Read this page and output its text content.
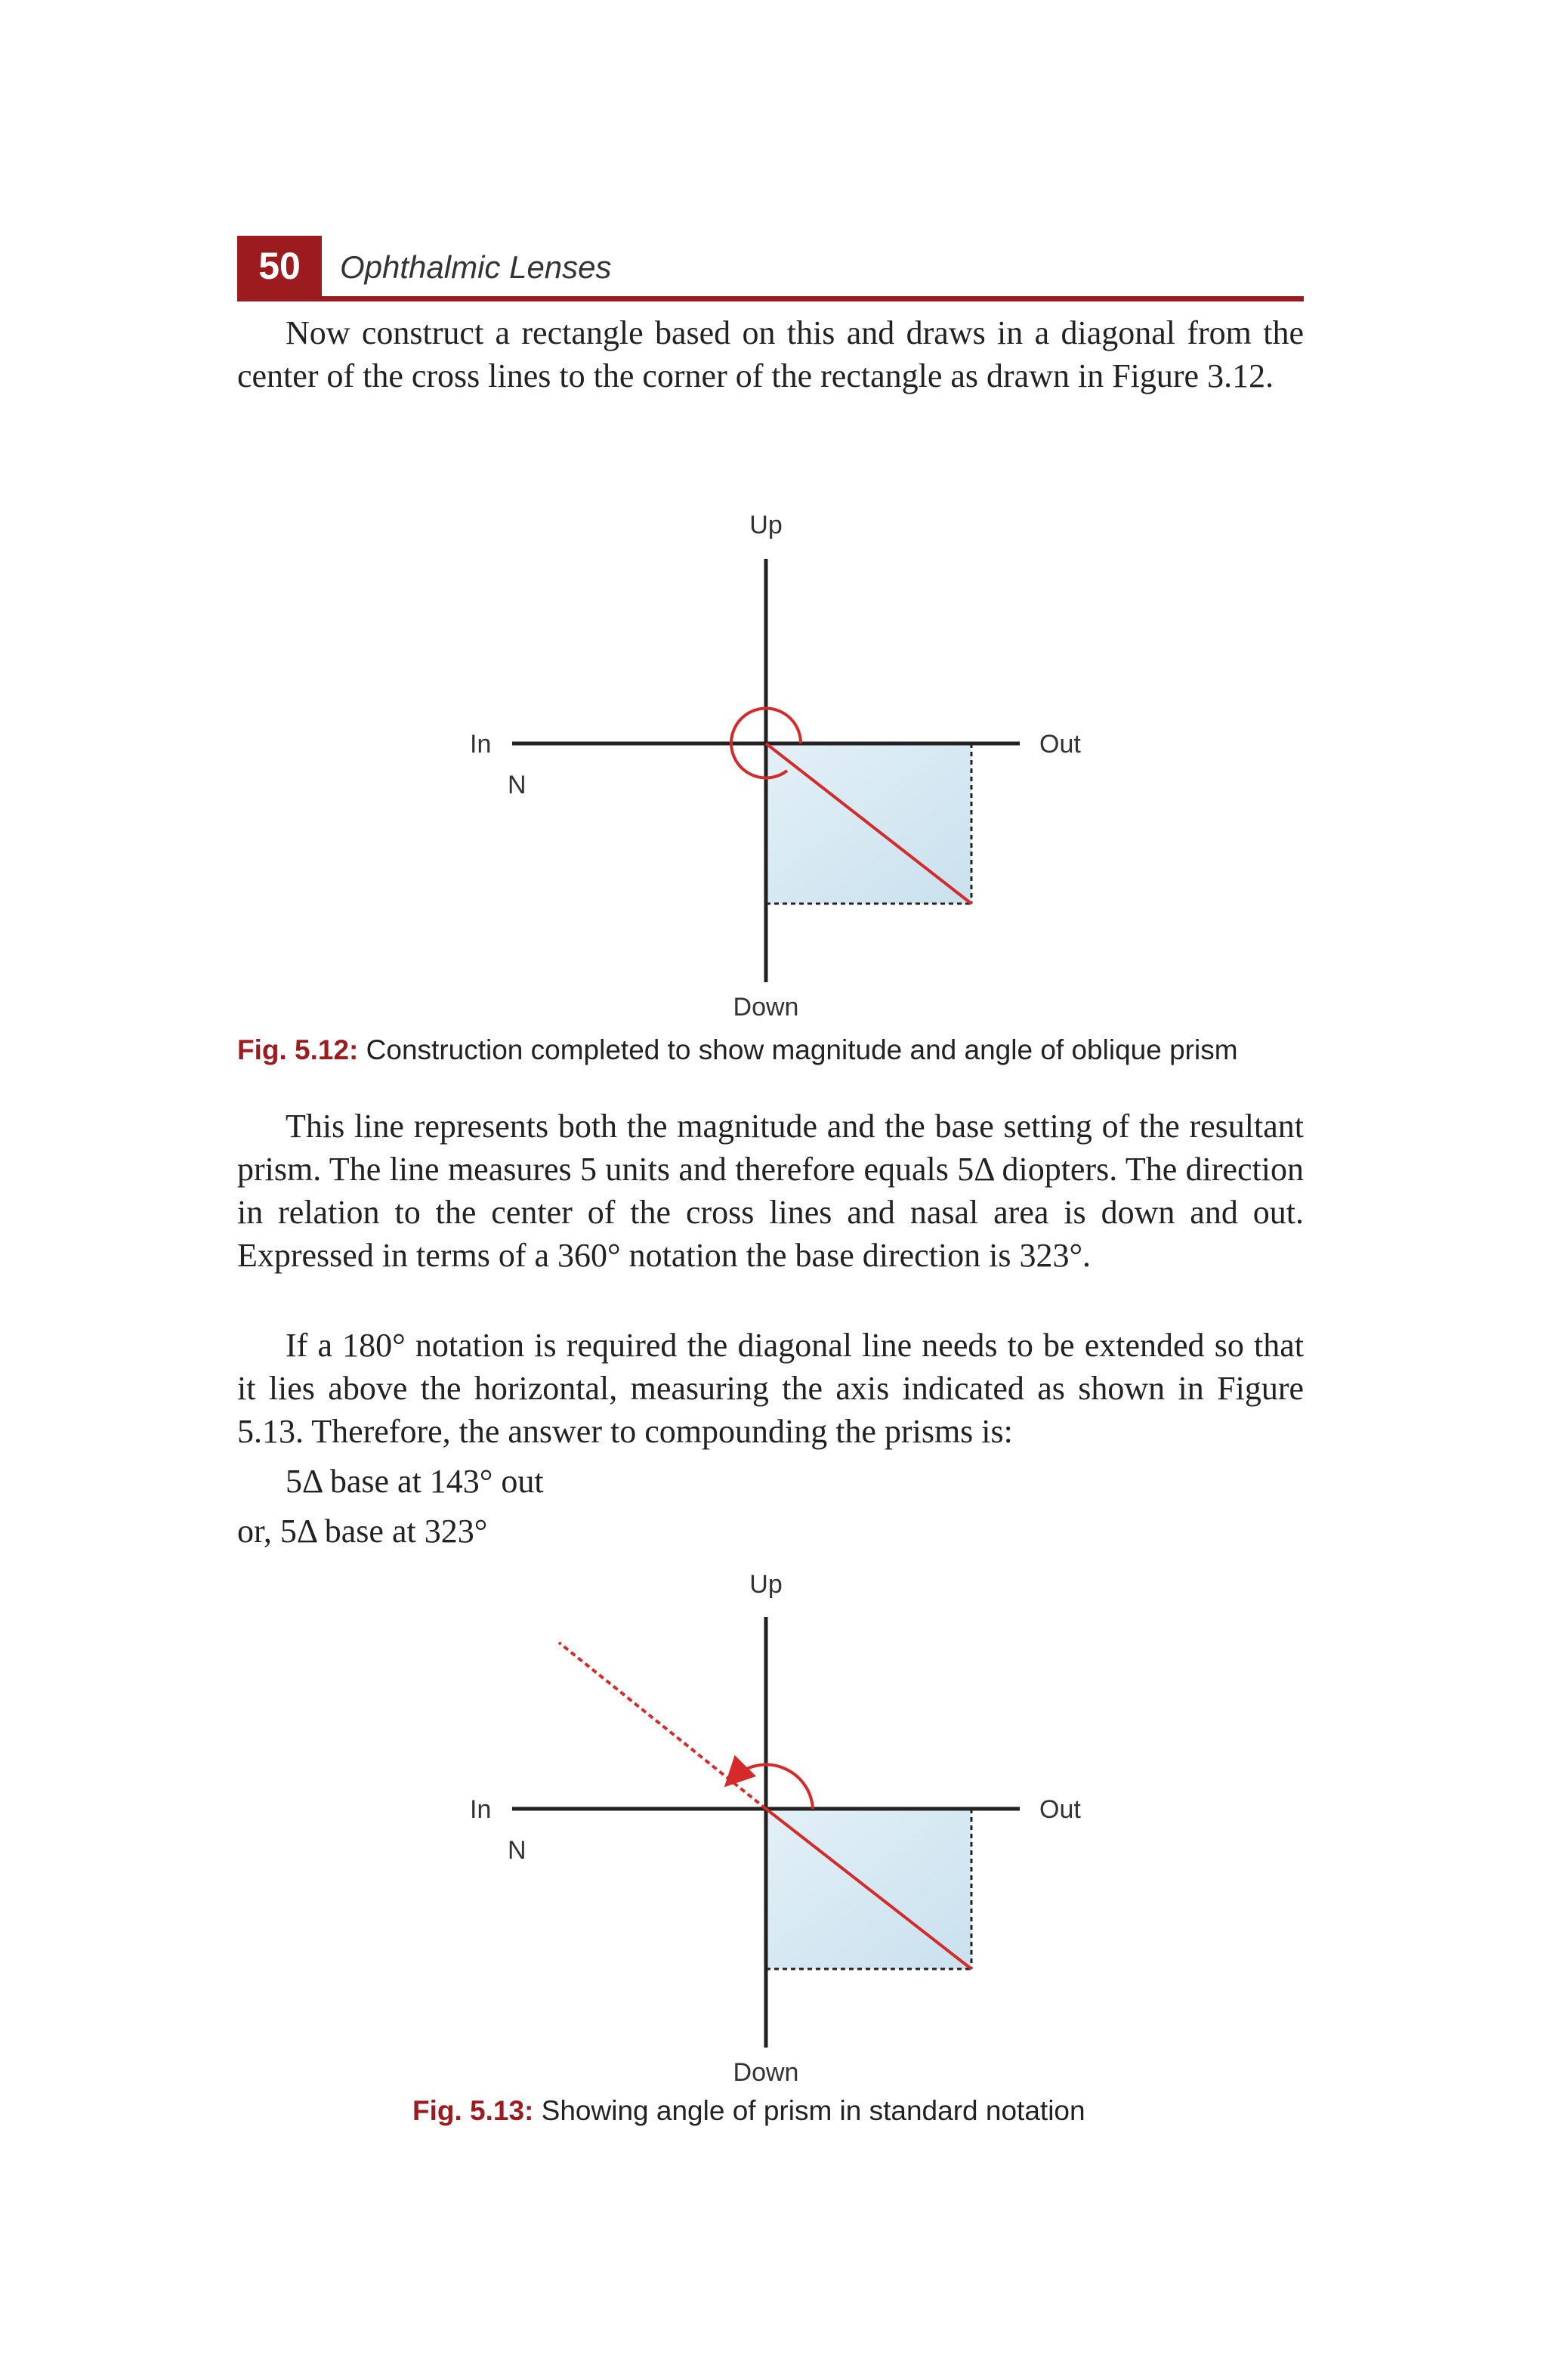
50	Ophthalmic Lenses

Now construct a rectangle based on this and draws in a diagonal from the center of the cross lines to the corner of the rectangle as drawn in Figure 3.12.

Up
Down
In	Out
N

Fig. 5.12: Construction completed to show magnitude and angle of oblique prism

This line represents both the magnitude and the base setting of the resultant prism. The line measures 5 units and therefore equals 5Δ diopters. The direction in relation to the center of the cross lines and nasal area is down and out. Expressed in terms of a 360° notation the base direction is 323°.

If a 180° notation is required the diagonal line needs to be extended so that it lies above the horizontal, measuring the axis indicated as shown in Figure 5.13. Therefore, the answer to compounding the prisms is:

5Δ base at 143° out

or, 5Δ base at 323°

Up
Down
In	Out
N

Fig. 5.13: Showing angle of prism in standard notation
